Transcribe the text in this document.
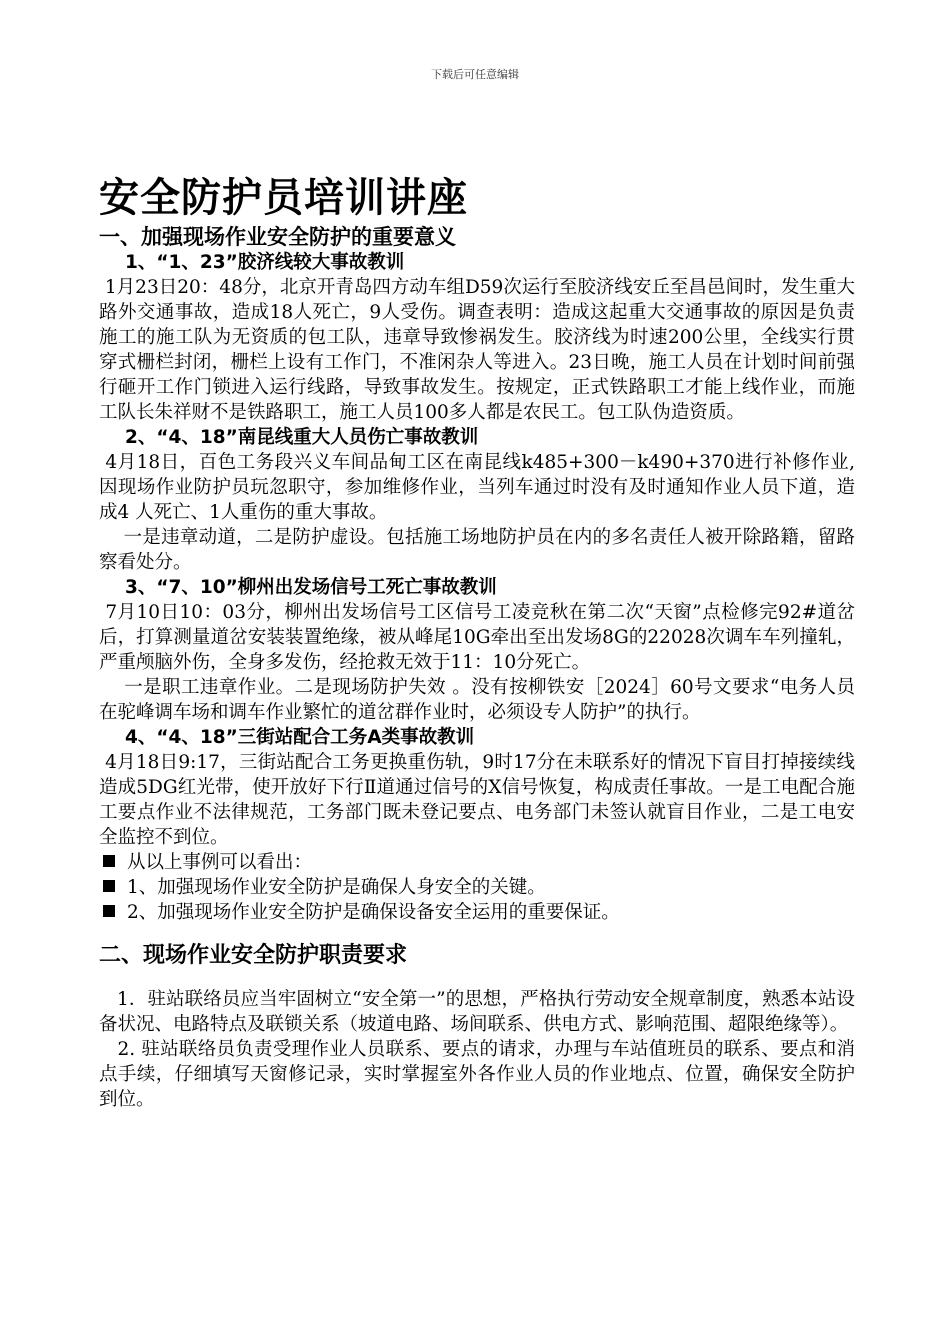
下载后可任意编辑
安全防护员培训讲座
一、加强现场作业安全防护的重要意义
1、“1、23”胶济线较大事故教训

1月23日20：48分，北京开青岛四方动车组D59次运行至胶济线安丘至昌邑间时，发生重大路外交通事故，造成18人死亡，9人受伤。调查表明：造成这起重大交通事故的原因是负责施工的施工队为无资质的包工队，违章导致惨祸发生。胶济线为时速200公里，全线实行贯穿式栅栏封闭，栅栏上设有工作门，不准闲杂人等进入。23日晚，施工人员在计划时间前强行砸开工作门锁进入运行线路，导致事故发生。按规定，正式铁路职工才能上线作业，而施工队长朱祥财不是铁路职工，施工人员100多人都是农民工。包工队伪造资质。

2、“4、18”南昆线重大人员伤亡事故教训

4月18日，百色工务段兴义车间品甸工区在南昆线k485+300－k490+370进行补修作业,因现场作业防护员玩忽职守，参加维修作业，当列车通过时没有及时通知作业人员下道，造成4 人死亡、1人重伤的重大事故。

一是违章动道，二是防护虚设。包括施工场地防护员在内的多名责任人被开除路籍，留路察看处分。

3、“7、10”柳州出发场信号工死亡事故教训

7月10日10：03分，柳州出发场信号工区信号工凌竞秋在第二次“天窗”点检修完92#道岔后，打算测量道岔安装装置绝缘，被从峰尾10G牵出至出发场8G的22028次调车车列撞轧，严重颅脑外伤，全身多发伤，经抢救无效于11：10分死亡。

一是职工违章作业。二是现场防护失效 。没有按柳铁安［2024］60号文要求“电务人员在驼峰调车场和调车作业繁忙的道岔群作业时，必须设专人防护”的执行。

4、“4、18”三街站配合工务A类事故教训

4月18日9:17，三街站配合工务更换重伤轨，9时17分在未联系好的情况下盲目打掉接续线造成5DG红光带，使开放好下行Ⅱ道通过信号的X信号恢复，构成责任事故。一是工电配合施工要点作业不法律规范，工务部门既未登记要点、电务部门未签认就盲目作业，二是工电安全监控不到位。

从以上事例可以看出：
1、加强现场作业安全防护是确保人身安全的关键。
2、加强现场作业安全防护是确保设备安全运用的重要保证。
二、现场作业安全防护职责要求

1．驻站联络员应当牢固树立“安全第一”的思想，严格执行劳动安全规章制度，熟悉本站设备状况、电路特点及联锁关系（坡道电路、场间联系、供电方式、影响范围、超限绝缘等）。

2. 驻站联络员负责受理作业人员联系、要点的请求，办理与车站值班员的联系、要点和消点手续，仔细填写天窗修记录，实时掌握室外各作业人员的作业地点、位置，确保安全防护到位。
